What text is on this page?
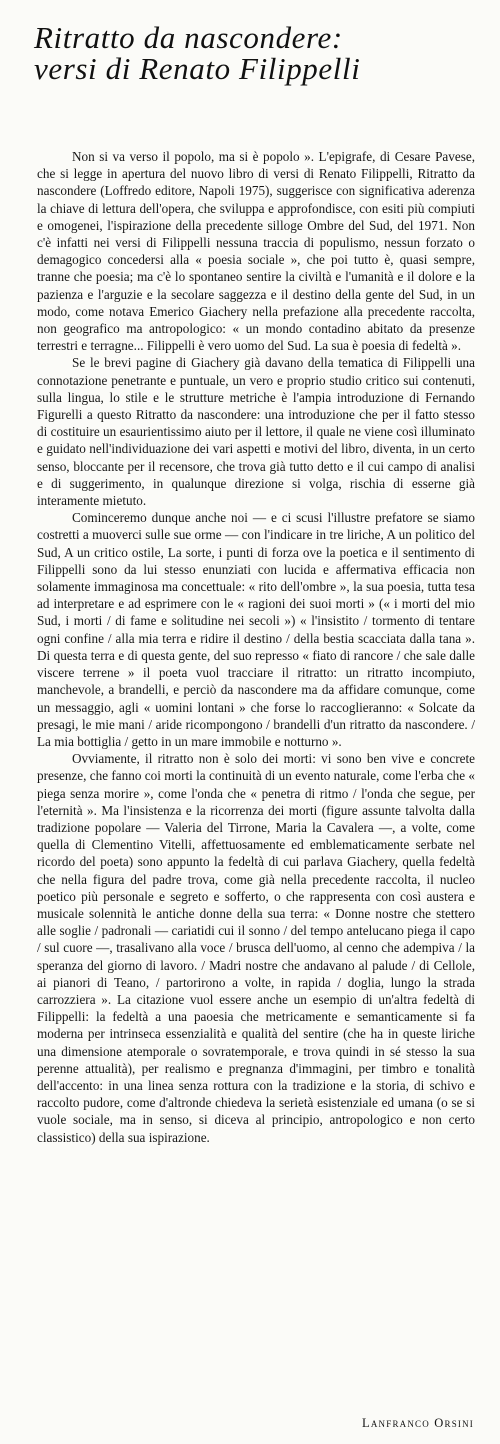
Ritratto da nascondere:
versi di Renato Filippelli

Non si va verso il popolo, ma si è popolo ». L'epigrafe, di Cesare Pavese, che si legge in apertura del nuovo libro di versi di Renato Filippelli, Ritratto da nascondere (Loffredo editore, Napoli 1975), suggerisce con significativa aderenza la chiave di lettura dell'opera, che sviluppa e approfondisce, con esiti più compiuti e omogenei, l'ispirazione della precedente silloge Ombre del Sud, del 1971. Non c'è infatti nei versi di Filippelli nessuna traccia di populismo, nessun forzato o demagogico concedersi alla « poesia sociale », che poi tutto è, quasi sempre, tranne che poesia; ma c'è lo spontaneo sentire la civiltà e l'umanità e il dolore e la pazienza e l'arguzie e la secolare saggezza e il destino della gente del Sud, in un modo, come notava Emerico Giachery nella prefazione alla precedente raccolta, non geografico ma antropologico: « un mondo contadino abitato da presenze terrestri e terragne... Filippelli è vero uomo del Sud. La sua è poesia di fedeltà ».

Se le brevi pagine di Giachery già davano della tematica di Filippelli una connotazione penetrante e puntuale, un vero e proprio studio critico sui contenuti, sulla lingua, lo stile e le strutture metriche è l'ampia introduzione di Fernando Figurelli a questo Ritratto da nascondere: una introduzione che per il fatto stesso di costituire un esaurientissimo aiuto per il lettore, il quale ne viene così illuminato e guidato nell'individuazione dei vari aspetti e motivi del libro, diventa, in un certo senso, bloccante per il recensore, che trova già tutto detto e il cui campo di analisi e di suggerimento, in qualunque direzione si volga, rischia di esserne già interamente mietuto.

Cominceremo dunque anche noi — e ci scusi l'illustre prefatore se siamo costretti a muoverci sulle sue orme — con l'indicare in tre liriche, A un politico del Sud, A un critico ostile, La sorte, i punti di forza ove la poetica e il sentimento di Filippelli sono da lui stesso enunziati con lucida e affermativa efficacia non solamente immaginosa ma concettuale: « rito dell'ombre », la sua poesia, tutta tesa ad interpretare e ad esprimere con le « ragioni dei suoi morti » (« i morti del mio Sud, i morti / di fame e solitudine nei secoli ») « l'insistito / tormento di tentare ogni confine / alla mia terra e ridire il destino / della bestia scacciata dalla tana ». Di questa terra e di questa gente, del suo represso « fiato di rancore / che sale dalle viscere terrene » il poeta vuol tracciare il ritratto: un ritratto incompiuto, manchevole, a brandelli, e perciò da nascondere ma da affidare comunque, come un messaggio, agli « uomini lontani » che forse lo raccoglieranno: « Solcate da presagi, le mie mani / aride ricompongono / brandelli d'un ritratto da nascondere. / La mia bottiglia / getto in un mare immobile e notturno ».

Ovviamente, il ritratto non è solo dei morti: vi sono ben vive e concrete presenze, che fanno coi morti la continuità di un evento naturale, come l'erba che « piega senza morire », come l'onda che « penetra di ritmo / l'onda che segue, per l'eternità ». Ma l'insistenza e la ricorrenza dei morti (figure assunte talvolta dalla tradizione popolare — Valeria del Tirrone, Maria la Cavalera —, a volte, come quella di Clementino Vitelli, affettuosamente ed emblematicamente serbate nel ricordo del poeta) sono appunto la fedeltà di cui parlava Giachery, quella fedeltà che nella figura del padre trova, come già nella precedente raccolta, il nucleo poetico più personale e segreto e sofferto, o che rappresenta con così austera e musicale solennità le antiche donne della sua terra: « Donne nostre che stettero alle soglie / padronali — cariatidi cui il sonno / del tempo antelucano piega il capo / sul cuore —, trasalivano alla voce / brusca dell'uomo, al cenno che adempiva / la speranza del giorno di lavoro. / Madri nostre che andavano al palude / di Cellole, ai pianori di Teano, / partorirono a volte, in rapida / doglia, lungo la strada carrozziera ». La citazione vuol essere anche un esempio di un'altra fedeltà di Filippelli: la fedeltà a una paoesia che metricamente e semanticamente si fa moderna per intrinseca essenzialità e qualità del sentire (che ha in queste liriche una dimensione atemporale o sovratemporale, e trova quindi in sé stesso la sua perenne attualità), per realismo e pregnanza d'immagini, per timbro e tonalità dell'accento: in una linea senza rottura con la tradizione e la storia, di schivo e raccolto pudore, come d'altronde chiedeva la serietà esistenziale ed umana (o se si vuole sociale, ma in senso, si diceva al principio, antropologico e non certo classistico) della sua ispirazione.

Lanfranco Orsini
